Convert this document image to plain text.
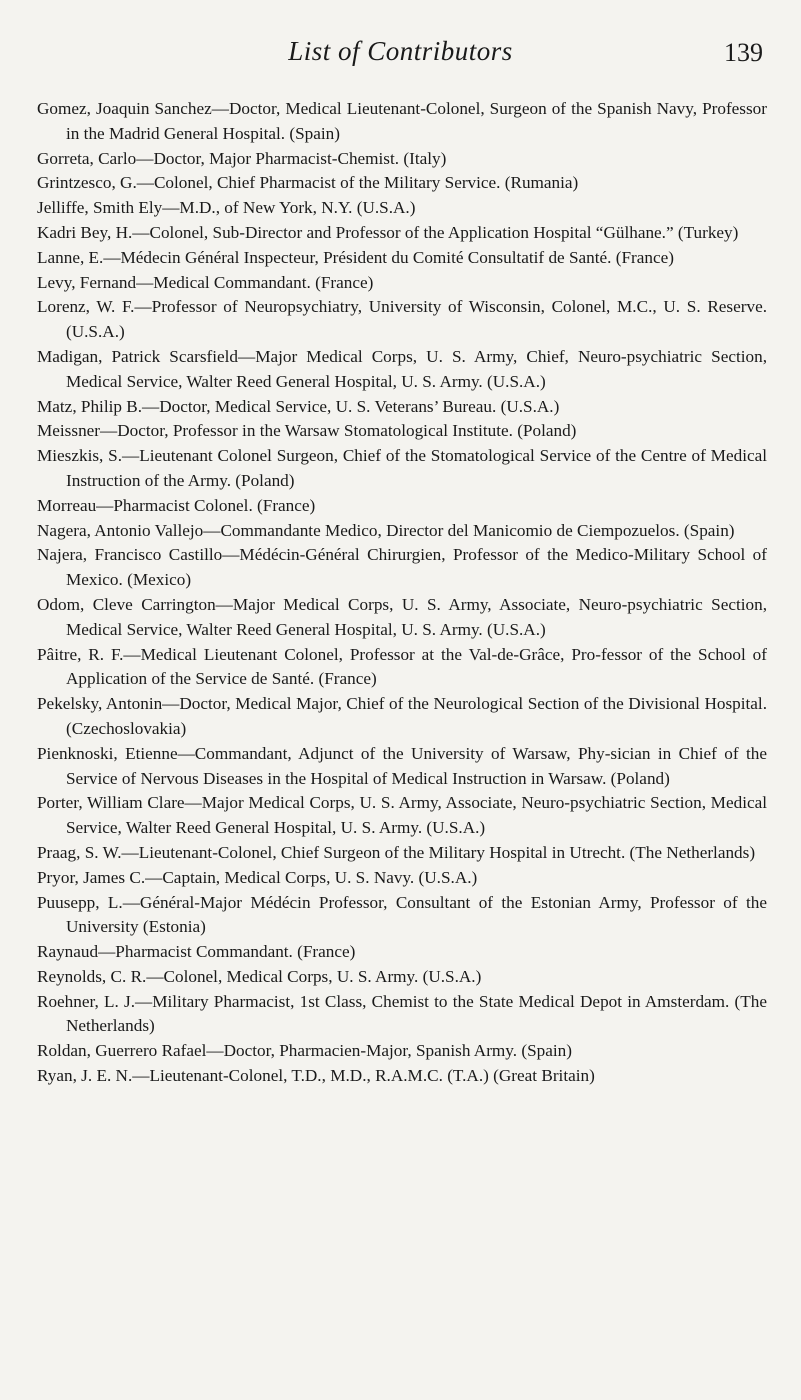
List of Contributors	139

Gomez, Joaquin Sanchez—Doctor, Medical Lieutenant-Colonel, Surgeon of the Spanish Navy, Professor in the Madrid General Hospital. (Spain)

Gorreta, Carlo—Doctor, Major Pharmacist-Chemist. (Italy)

Grintzesco, G.—Colonel, Chief Pharmacist of the Military Service. (Rumania)

Jelliffe, Smith Ely—M.D., of New York, N.Y. (U.S.A.)

Kadri Bey, H.—Colonel, Sub-Director and Professor of the Application Hospital “Gülhane.” (Turkey)

Lanne, E.—Médecin Général Inspecteur, Président du Comité Consultatif de Santé. (France)

Levy, Fernand—Medical Commandant. (France)

Lorenz, W. F.—Professor of Neuropsychiatry, University of Wisconsin, Colonel, M.C., U. S. Reserve. (U.S.A.)

Madigan, Patrick Scarsfield—Major Medical Corps, U. S. Army, Chief, Neuro-psychiatric Section, Medical Service, Walter Reed General Hospital, U. S. Army. (U.S.A.)

Matz, Philip B.—Doctor, Medical Service, U. S. Veterans’ Bureau. (U.S.A.)

Meissner—Doctor, Professor in the Warsaw Stomatological Institute. (Poland)

Mieszkis, S.—Lieutenant Colonel Surgeon, Chief of the Stomatological Service of the Centre of Medical Instruction of the Army. (Poland)

Morreau—Pharmacist Colonel. (France)

Nagera, Antonio Vallejo—Commandante Medico, Director del Manicomio de Ciempozuelos. (Spain)

Najera, Francisco Castillo—Médécin-Général Chirurgien, Professor of the Medico-Military School of Mexico. (Mexico)

Odom, Cleve Carrington—Major Medical Corps, U. S. Army, Associate, Neuro-psychiatric Section, Medical Service, Walter Reed General Hospital, U. S. Army. (U.S.A.)

Pâitre, R. F.—Medical Lieutenant Colonel, Professor at the Val-de-Grâce, Pro-fessor of the School of Application of the Service de Santé. (France)

Pekelsky, Antonin—Doctor, Medical Major, Chief of the Neurological Section of the Divisional Hospital. (Czechoslovakia)

Pienknoski, Etienne—Commandant, Adjunct of the University of Warsaw, Phy-sician in Chief of the Service of Nervous Diseases in the Hospital of Medical Instruction in Warsaw. (Poland)

Porter, William Clare—Major Medical Corps, U. S. Army, Associate, Neuro-psychiatric Section, Medical Service, Walter Reed General Hospital, U. S. Army. (U.S.A.)

Praag, S. W.—Lieutenant-Colonel, Chief Surgeon of the Military Hospital in Utrecht. (The Netherlands)

Pryor, James C.—Captain, Medical Corps, U. S. Navy. (U.S.A.)

Puusepp, L.—Général-Major Médécin Professor, Consultant of the Estonian Army, Professor of the University (Estonia)

Raynaud—Pharmacist Commandant. (France)

Reynolds, C. R.—Colonel, Medical Corps, U. S. Army. (U.S.A.)

Roehner, L. J.—Military Pharmacist, 1st Class, Chemist to the State Medical Depot in Amsterdam. (The Netherlands)

Roldan, Guerrero Rafael—Doctor, Pharmacien-Major, Spanish Army. (Spain)

Ryan, J. E. N.—Lieutenant-Colonel, T.D., M.D., R.A.M.C. (T.A.) (Great Britain)
